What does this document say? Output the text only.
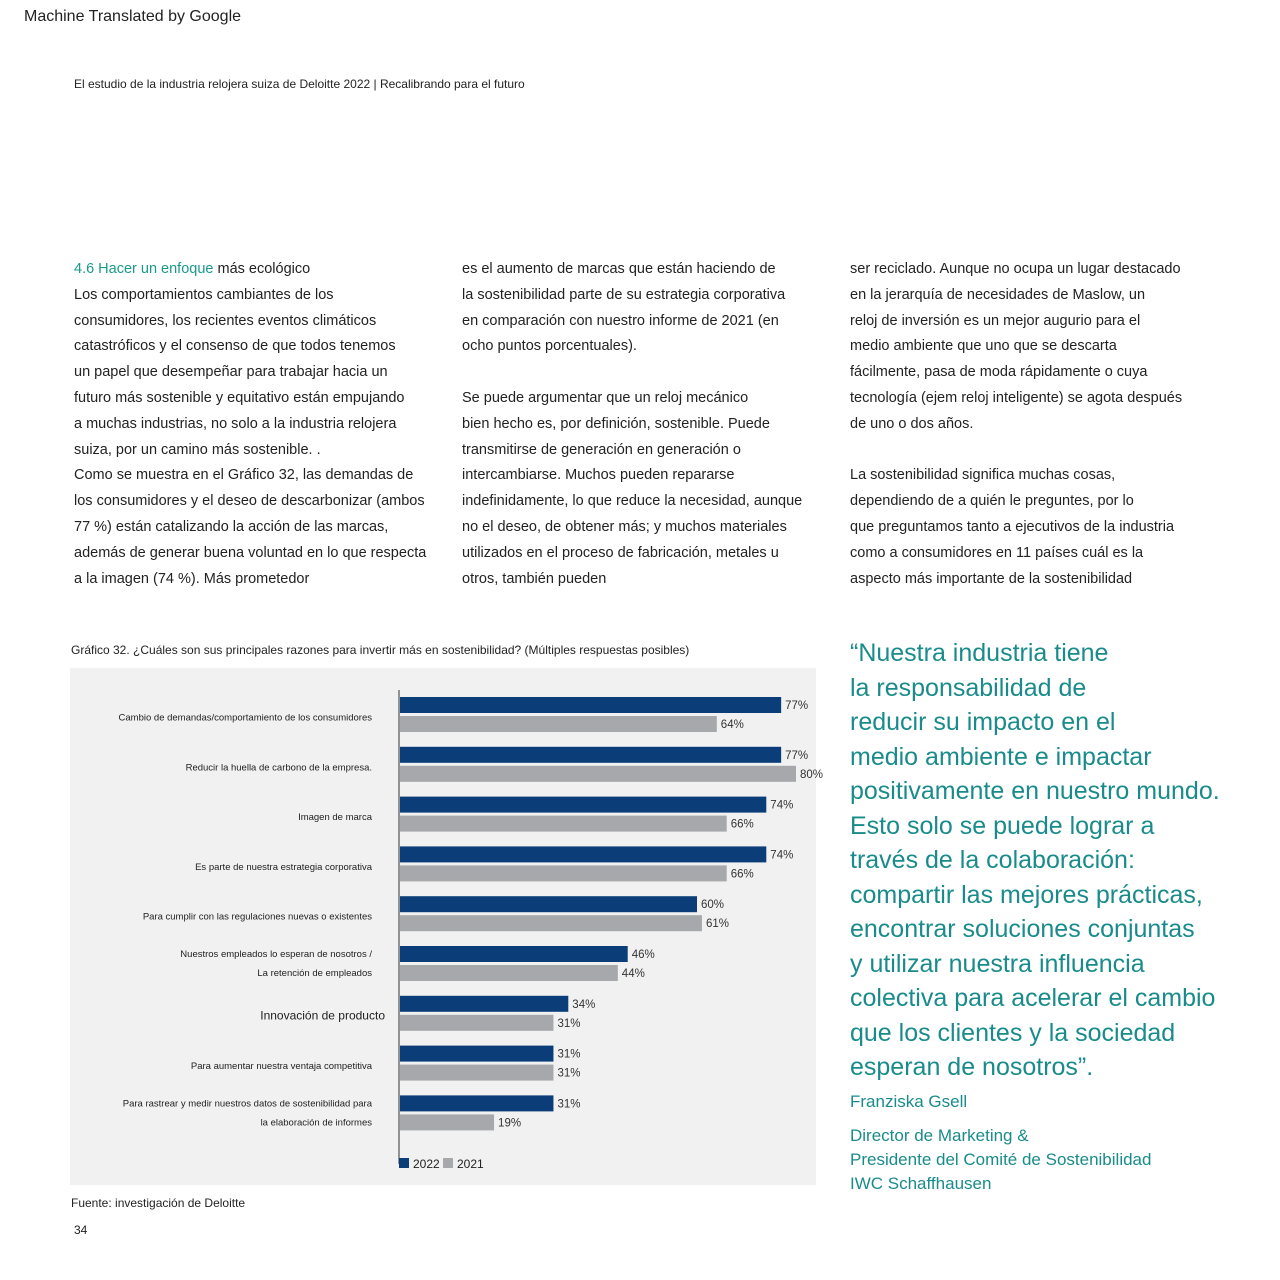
Machine Translated by Google
El estudio de la industria relojera suiza de Deloitte 2022 | Recalibrando para el futuro

4.6 Hacer un enfoque más ecológico

Los comportamientos cambiantes de los

consumidores, los recientes eventos climáticos

catastróficos y el consenso de que todos tenemos

un papel que desempeñar para trabajar hacia un

futuro más sostenible y equitativo están empujando

a muchas industrias, no solo a la industria relojera

suiza, por un camino más sostenible. .

Como se muestra en el Gráfico 32, las demandas de

los consumidores y el deseo de descarbonizar (ambos

77 %) están catalizando la acción de las marcas,

además de generar buena voluntad en lo que respecta

a la imagen (74 %). Más prometedor

es el aumento de marcas que están haciendo de

la sostenibilidad parte de su estrategia corporativa

en comparación con nuestro informe de 2021 (en

ocho puntos porcentuales).

Se puede argumentar que un reloj mecánico

bien hecho es, por definición, sostenible. Puede

transmitirse de generación en generación o

intercambiarse. Muchos pueden repararse

indefinidamente, lo que reduce la necesidad, aunque

no el deseo, de obtener más; y muchos materiales

utilizados en el proceso de fabricación, metales u

otros, también pueden

ser reciclado. Aunque no ocupa un lugar destacado

en la jerarquía de necesidades de Maslow, un

reloj de inversión es un mejor augurio para el

medio ambiente que uno que se descarta

fácilmente, pasa de moda rápidamente o cuya

tecnología (ejem reloj inteligente) se agota después

de uno o dos años.

La sostenibilidad significa muchas cosas,

dependiendo de a quién le preguntes, por lo

que preguntamos tanto a ejecutivos de la industria

como a consumidores en 11 países cuál es la

aspecto más importante de la sostenibilidad

Gráfico 32. ¿Cuáles son sus principales razones para invertir más en sostenibilidad? (Múltiples respuestas posibles)
Cambio de demandas/comportamiento de los consumidores
77%
64%
Reducir la huella de carbono de la empresa.
77%
80%
Imagen de marca
74%
66%
Es parte de nuestra estrategia corporativa
74%
66%
Para cumplir con las regulaciones nuevas o existentes
60%
61%
Nuestros empleados lo esperan de nosotros /
La retención de empleados
46%
44%
Innovación de producto
34%
31%
Para aumentar nuestra ventaja competitiva
31%
31%
Para rastrear y medir nuestros datos de sostenibilidad para
la elaboración de informes
31%
19%
2022 2021
Fuente: investigación de Deloitte
34

“Nuestra industria tiene

la responsabilidad de

reducir su impacto en el

medio ambiente e impactar

positivamente en nuestro mundo.

Esto solo se puede lograr a

través de la colaboración:

compartir las mejores prácticas,

encontrar soluciones conjuntas

y utilizar nuestra influencia

colectiva para acelerar el cambio

que los clientes y la sociedad

esperan de nosotros”.

Franziska Gsell

Director de Marketing &

Presidente del Comité de Sostenibilidad

IWC Schaffhausen
